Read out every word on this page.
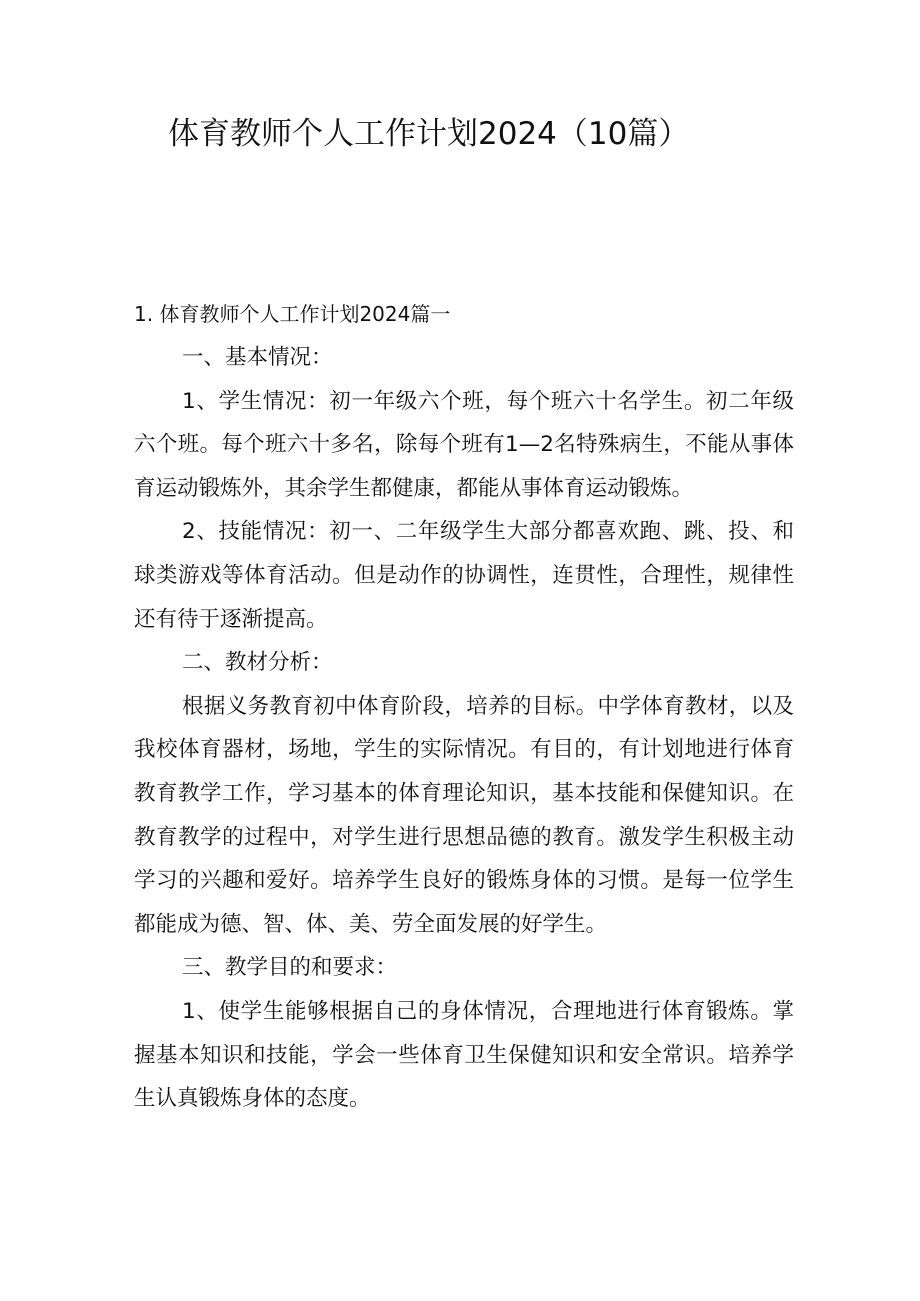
体育教师个人工作计划2024（10篇）
1. 体育教师个人工作计划2024篇一

一、基本情况：

1、学生情况：初一年级六个班，每个班六十名学生。初二年级六个班。每个班六十多名，除每个班有1—2名特殊病生，不能从事体育运动锻炼外，其余学生都健康，都能从事体育运动锻炼。

2、技能情况：初一、二年级学生大部分都喜欢跑、跳、投、和球类游戏等体育活动。但是动作的协调性，连贯性，合理性，规律性还有待于逐渐提高。

二、教材分析：

根据义务教育初中体育阶段，培养的目标。中学体育教材，以及我校体育器材，场地，学生的实际情况。有目的，有计划地进行体育教育教学工作，学习基本的体育理论知识，基本技能和保健知识。在教育教学的过程中，对学生进行思想品德的教育。激发学生积极主动学习的兴趣和爱好。培养学生良好的锻炼身体的习惯。是每一位学生都能成为德、智、体、美、劳全面发展的好学生。

三、教学目的和要求：

1、使学生能够根据自己的身体情况，合理地进行体育锻炼。掌握基本知识和技能，学会一些体育卫生保健知识和安全常识。培养学生认真锻炼身体的态度。
